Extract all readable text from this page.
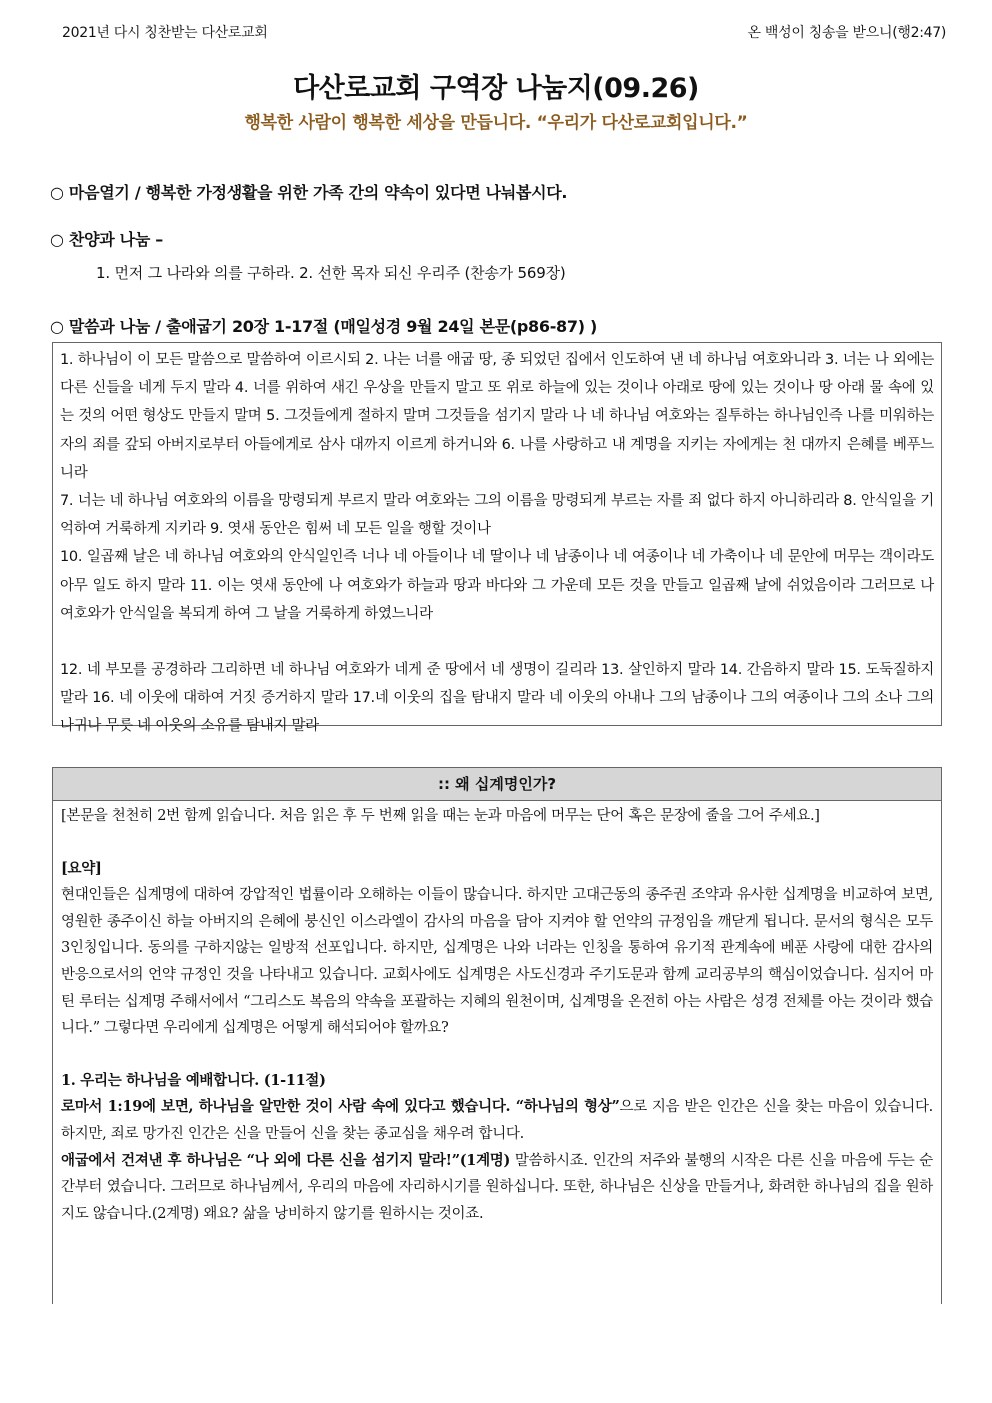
2021년 다시 칭찬받는 다산로교회	온 백성이 칭송을 받으니(행2:47)
다산로교회 구역장 나눔지(09.26)
행복한 사람이 행복한 세상을 만듭니다. “우리가 다산로교회입니다.”
○ 마음열기 / 행복한 가정생활을 위한 가족 간의 약속이 있다면 나눠봅시다.
○ 찬양과 나눔 –
1. 먼저 그 나라와 의를 구하라. 2. 선한 목자 되신 우리주 (찬송가 569장)
○ 말씀과 나눔 / 출애굽기 20장 1-17절 (매일성경 9월 24일 본문(p86-87) )

1. 하나님이 이 모든 말씀으로 말씀하여 이르시되 2. 나는 너를 애굽 땅, 종 되었던 집에서 인도하여 낸 네 하나님 여호와니라 3. 너는 나 외에는 다른 신들을 네게 두지 말라 4. 너를 위하여 새긴 우상을 만들지 말고 또 위로 하늘에 있는 것이나 아래로 땅에 있는 것이나 땅 아래 물 속에 있는 것의 어떤 형상도 만들지 말며 5. 그것들에게 절하지 말며 그것들을 섬기지 말라 나 네 하나님 여호와는 질투하는 하나님인즉 나를 미워하는 자의 죄를 갚되 아버지로부터 아들에게로 삼사 대까지 이르게 하거니와 6. 나를 사랑하고 내 계명을 지키는 자에게는 천 대까지 은혜를 베푸느니라

7. 너는 네 하나님 여호와의 이름을 망령되게 부르지 말라 여호와는 그의 이름을 망령되게 부르는 자를 죄 없다 하지 아니하리라 8. 안식일을 기억하여 거룩하게 지키라 9. 엿새 동안은 힘써 네 모든 일을 행할 것이나

10. 일곱째 날은 네 하나님 여호와의 안식일인즉 너나 네 아들이나 네 딸이나 네 남종이나 네 여종이나 네 가축이나 네 문안에 머무는 객이라도 아무 일도 하지 말라 11. 이는 엿새 동안에 나 여호와가 하늘과 땅과 바다와 그 가운데 모든 것을 만들고 일곱째 날에 쉬었음이라 그러므로 나 여호와가 안식일을 복되게 하여 그 날을 거룩하게 하였느니라

12. 네 부모를 공경하라 그리하면 네 하나님 여호와가 네게 준 땅에서 네 생명이 길리라 13. 살인하지 말라 14. 간음하지 말라 15. 도둑질하지 말라 16. 네 이웃에 대하여 거짓 증거하지 말라 17.네 이웃의 집을 탐내지 말라 네 이웃의 아내나 그의 남종이나 그의 여종이나 그의 소나 그의 나귀나 무릇 네 이웃의 소유를 탐내지 말라

:: 왜 십계명인가?

[본문을 천천히 2번 함께 읽습니다. 처음 읽은 후 두 번째 읽을 때는 눈과 마음에 머무는 단어 혹은 문장에 줄을 그어 주세요.]

[요약]

현대인들은 십계명에 대하여 강압적인 법률이라 오해하는 이들이 많습니다. 하지만 고대근동의 종주권 조약과 유사한 십계명을 비교하여 보면, 영원한 종주이신 하늘 아버지의 은혜에 붕신인 이스라엘이 감사의 마음을 담아 지켜야 할 언약의 규정임을 깨닫게 됩니다. 문서의 형식은 모두 3인칭입니다. 동의를 구하지않는 일방적 선포입니다. 하지만, 십계명은 나와 너라는 인칭을 통하여 유기적 관계속에 베푼 사랑에 대한 감사의 반응으로서의 언약 규정인 것을 나타내고 있습니다. 교회사에도 십계명은 사도신경과 주기도문과 함께 교리공부의 핵심이었습니다. 심지어 마틴 루터는 십계명 주해서에서 “그리스도 복음의 약속을 포괄하는 지혜의 원천이며, 십계명을 온전히 아는 사람은 성경 전체를 아는 것이라 했습니다.” 그렇다면 우리에게 십계명은 어떻게 해석되어야 할까요?

1. 우리는 하나님을 예배합니다. (1-11절)

로마서 1:19에 보면, 하나님을 알만한 것이 사람 속에 있다고 했습니다. “하나님의 형상”으로 지음 받은 인간은 신을 찾는 마음이 있습니다. 하지만, 죄로 망가진 인간은 신을 만들어 신을 찾는 종교심을 채우려 합니다.

애굽에서 건져낸 후 하나님은 “나 외에 다른 신을 섬기지 말라!”(1계명) 말씀하시죠. 인간의 저주와 불행의 시작은 다른 신을 마음에 두는 순간부터 였습니다. 그러므로 하나님께서, 우리의 마음에 자리하시기를 원하십니다. 또한, 하나님은 신상을 만들거나, 화려한 하나님의 집을 원하지도 않습니다.(2계명) 왜요? 삶을 낭비하지 않기를 원하시는 것이죠.
